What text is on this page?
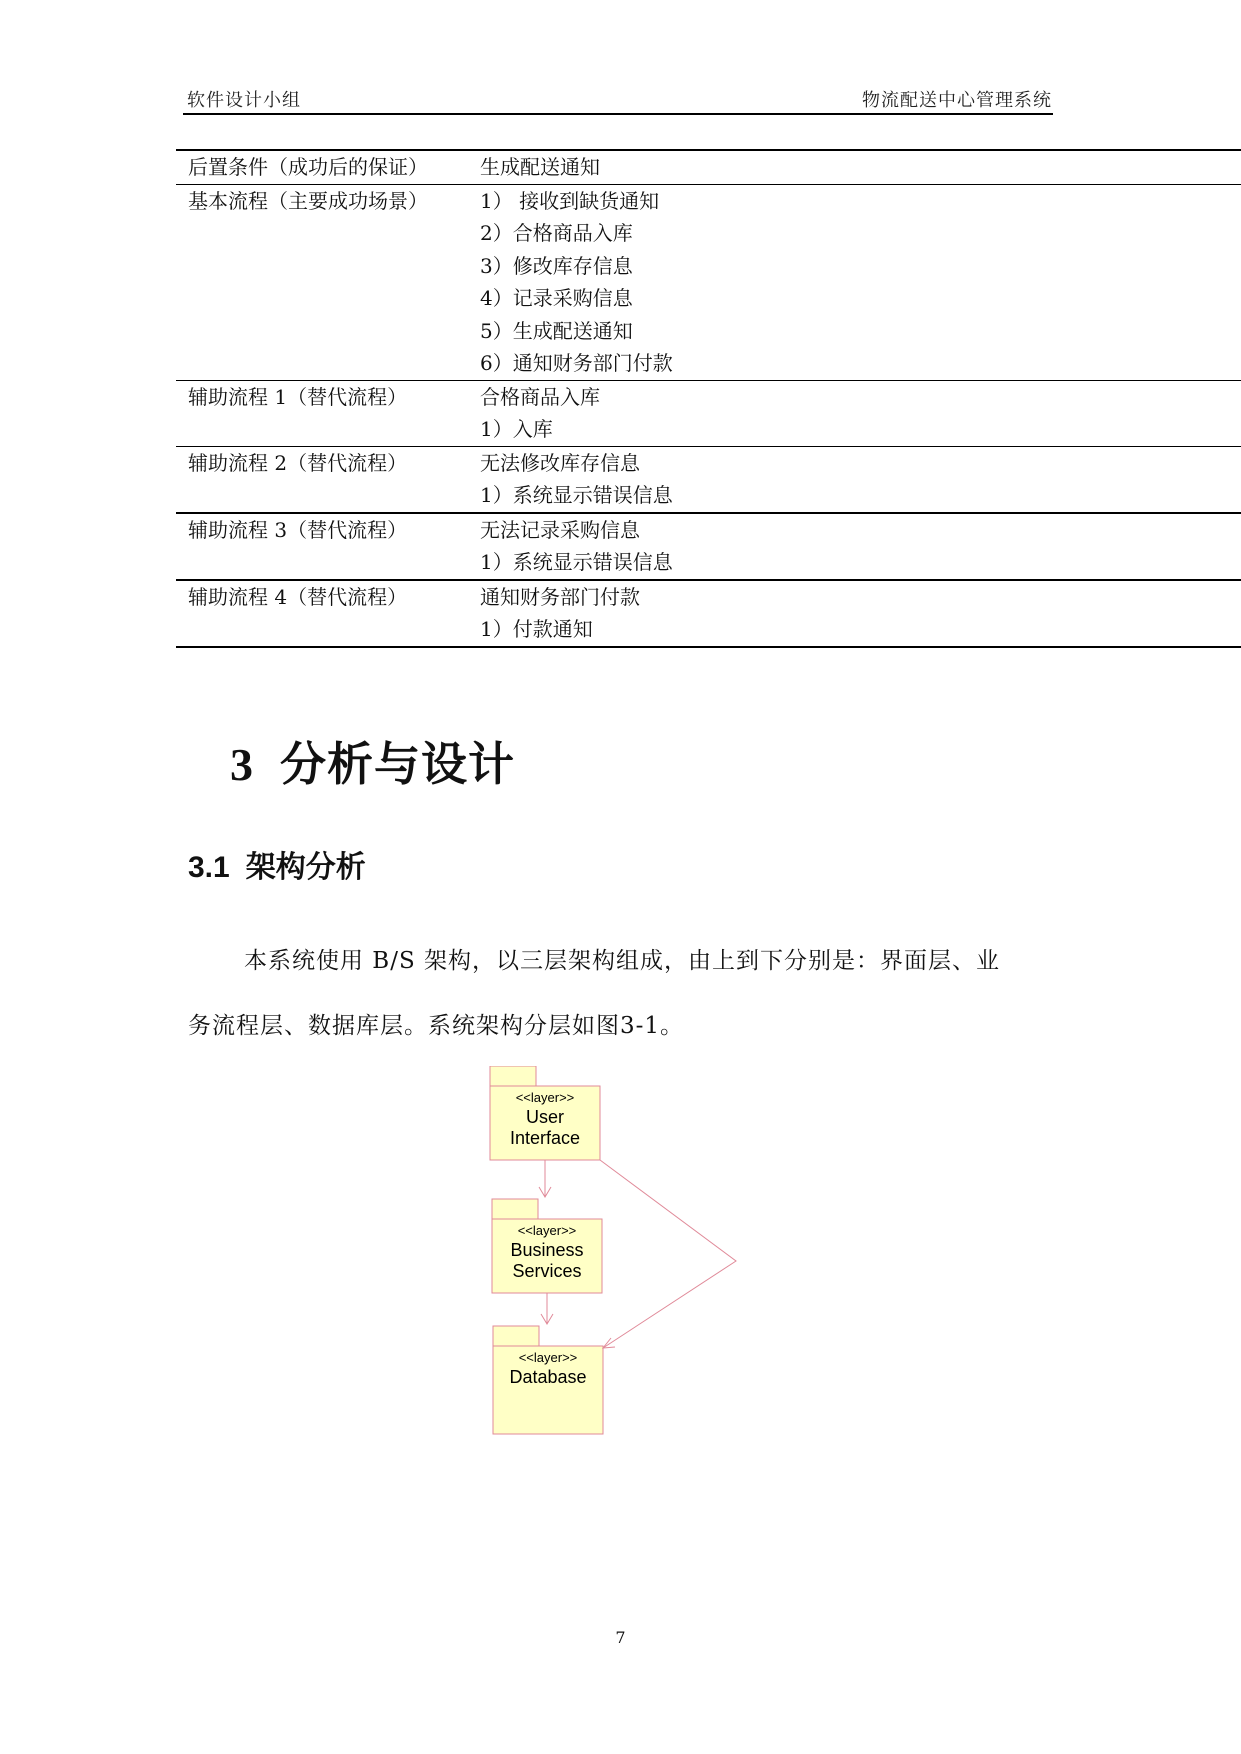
软件设计小组	物流配送中心管理系统
后置条件（成功后的保证）	生成配送通知
基本流程（主要成功场景）	1） 接收到缺货通知
2）合格商品入库
3）修改库存信息
4）记录采购信息
5）生成配送通知
6）通知财务部门付款
辅助流程 1（替代流程）	合格商品入库
1）入库
辅助流程 2（替代流程）	无法修改库存信息
1）系统显示错误信息
辅助流程 3（替代流程）	无法记录采购信息
1）系统显示错误信息
辅助流程 4（替代流程）	通知财务部门付款
1）付款通知
3 分析与设计
3.1 架构分析
本系统使用 B/S 架构，以三层架构组成，由上到下分别是：界面层、业
务流程层、数据库层。系统架构分层如图3-1。
<<layer>>
User
Interface
<<layer>>
Business
Services
<<layer>>
Database
7
